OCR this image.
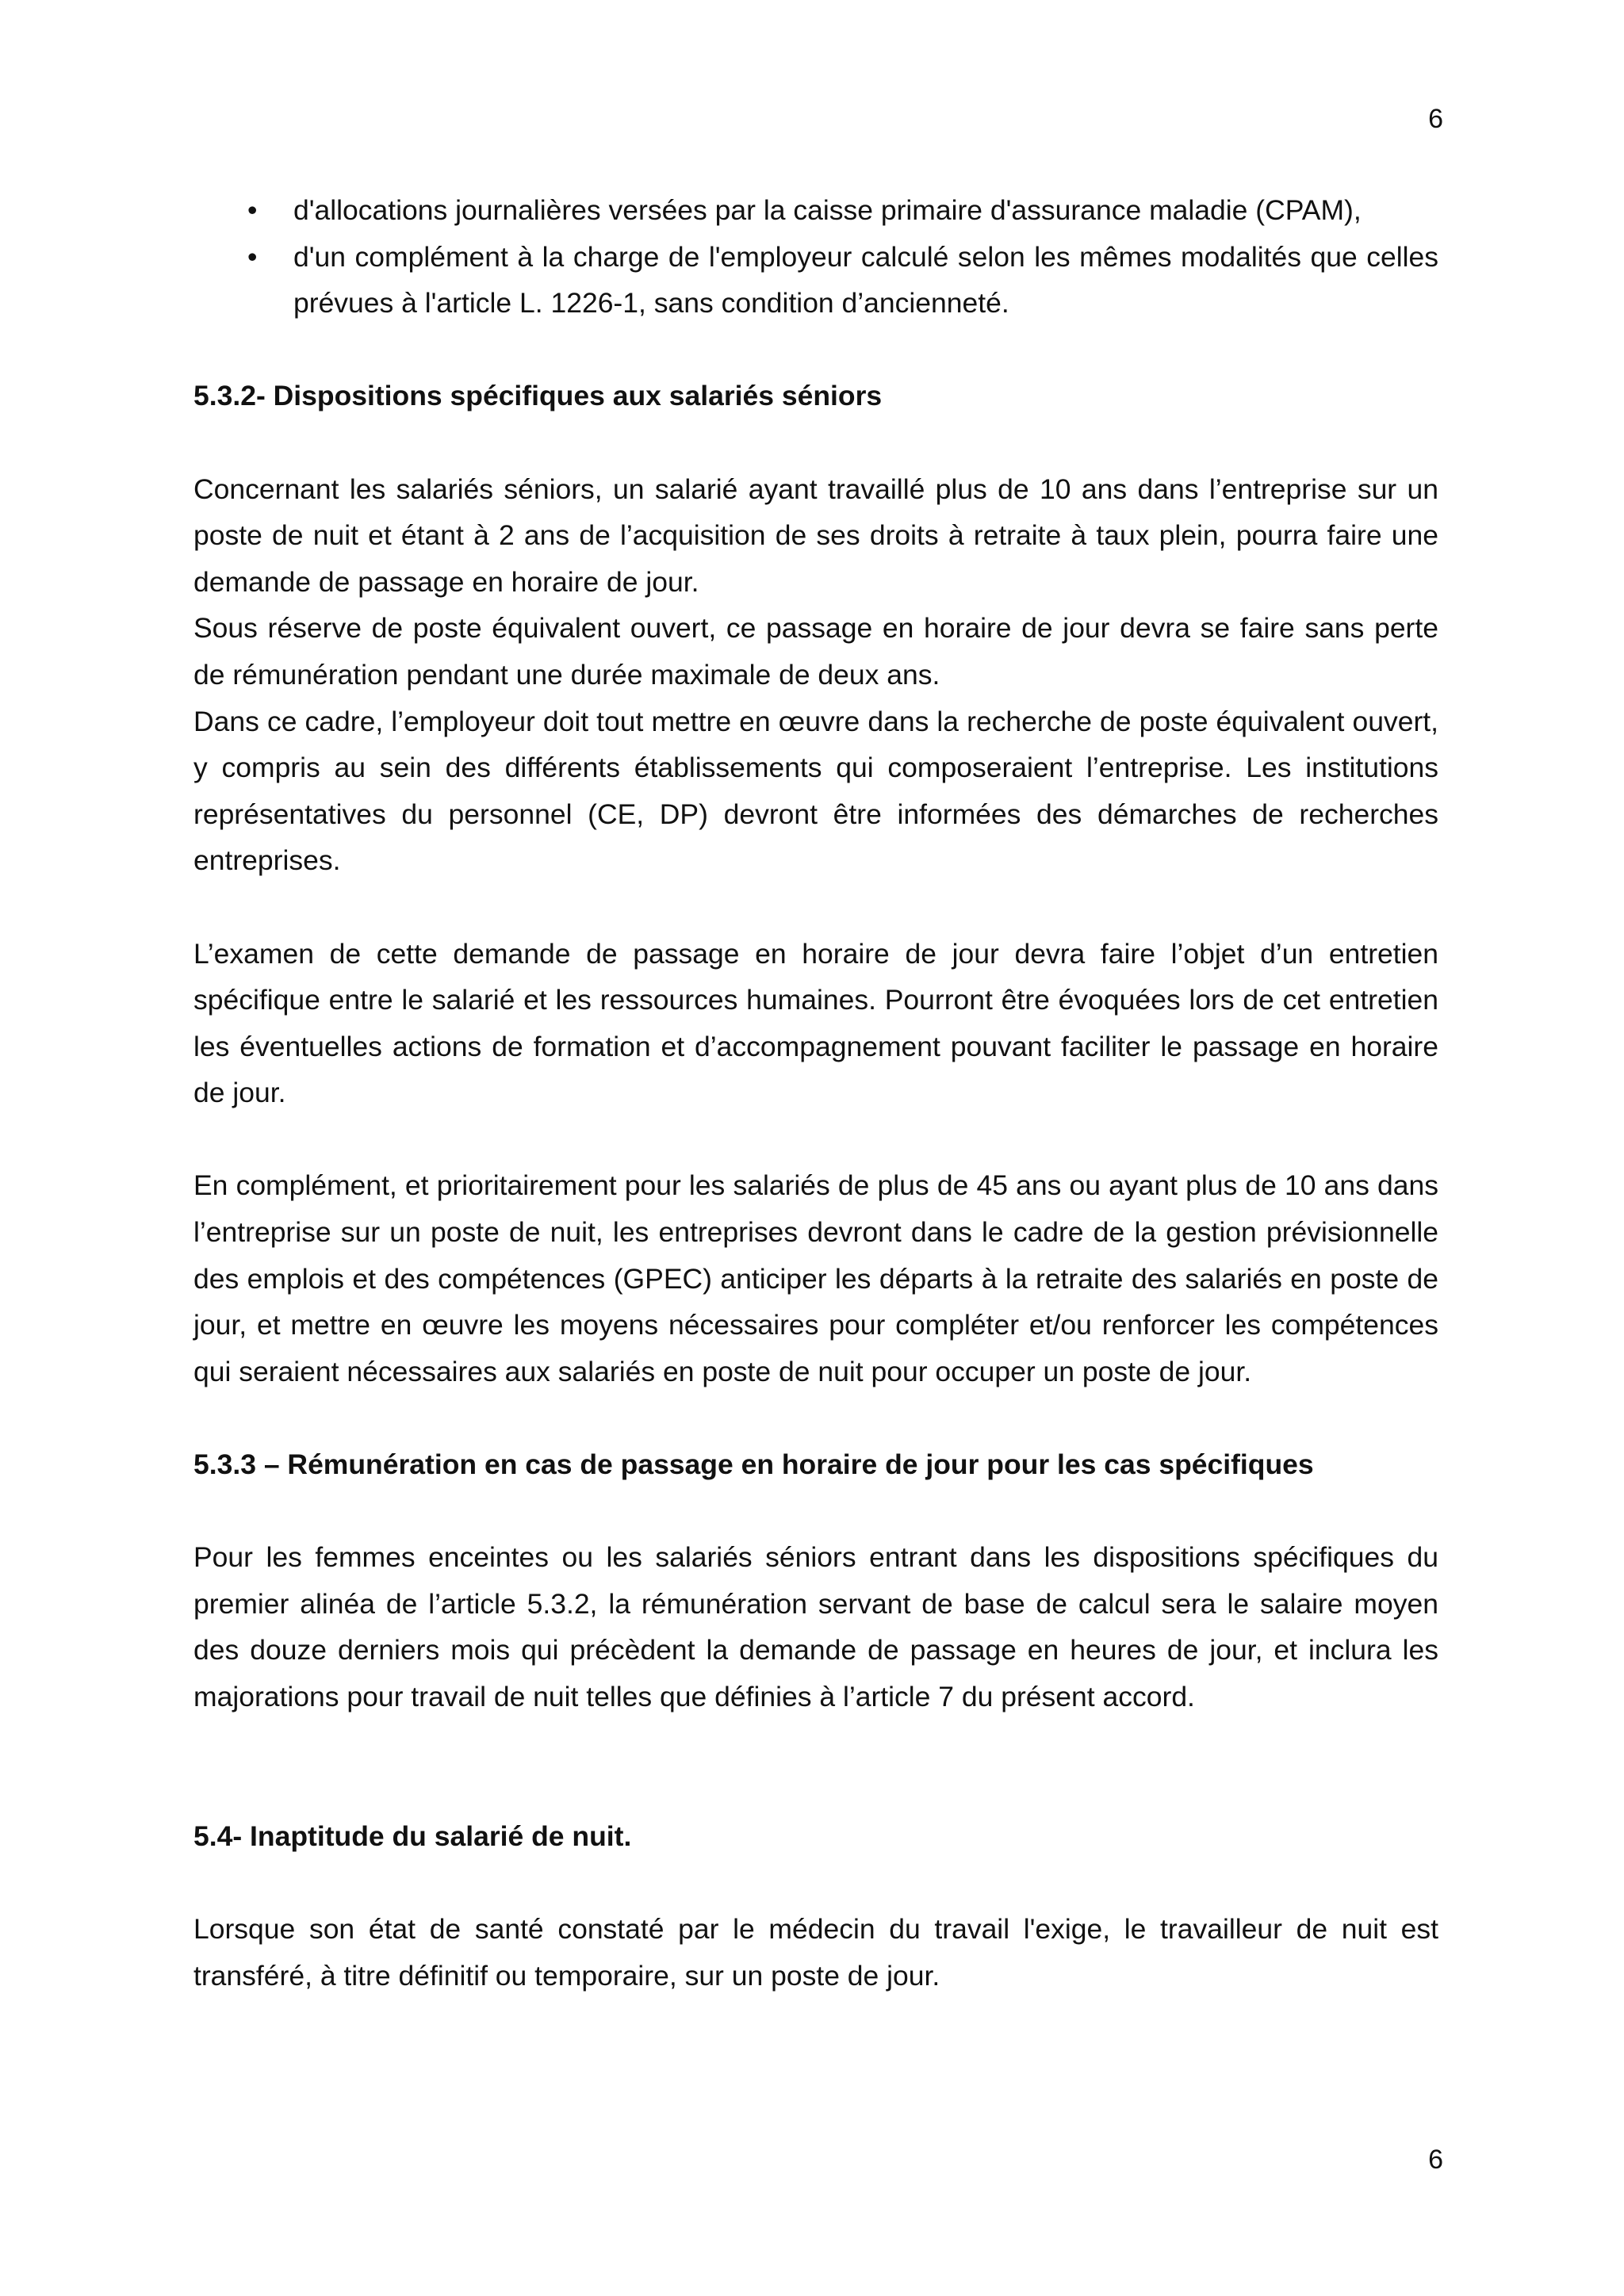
6
• d'allocations journalières versées par la caisse primaire d'assurance maladie (CPAM),
• d'un complément à la charge de l'employeur calculé selon les mêmes modalités que celles prévues à l'article L. 1226-1, sans condition d’ancienneté.
5.3.2- Dispositions spécifiques aux salariés séniors

Concernant les salariés séniors, un salarié ayant travaillé plus de 10 ans dans l’entreprise sur un poste de nuit et étant à 2 ans de l’acquisition de ses droits à retraite à taux plein, pourra faire une demande de passage en horaire de jour.

Sous réserve de poste équivalent ouvert, ce passage en horaire de jour devra se faire sans perte de rémunération pendant une durée maximale de deux ans.

Dans ce cadre, l’employeur doit tout mettre en œuvre dans la recherche de poste équivalent ouvert, y compris au sein des différents établissements qui composeraient l’entreprise. Les institutions représentatives du personnel (CE, DP) devront être informées des démarches de recherches entreprises.

L’examen de cette demande de passage en horaire de jour devra faire l’objet d’un entretien spécifique entre le salarié et les ressources humaines. Pourront être évoquées lors de cet entretien les éventuelles actions de formation et d’accompagnement pouvant faciliter le passage en horaire de jour.

En complément, et prioritairement pour les salariés de plus de 45 ans ou ayant plus de 10 ans dans l’entreprise sur un poste de nuit, les entreprises devront dans le cadre de la gestion prévisionnelle des emplois et des compétences (GPEC) anticiper les départs à la retraite des salariés en poste de jour, et mettre en œuvre les moyens nécessaires pour compléter et/ou renforcer les compétences qui seraient nécessaires aux salariés en poste de nuit pour occuper un poste de jour.

5.3.3 – Rémunération en cas de passage en horaire de jour pour les cas spécifiques

Pour les femmes enceintes ou les salariés séniors entrant dans les dispositions spécifiques du premier alinéa de l’article 5.3.2, la rémunération servant de base de calcul sera le salaire moyen des douze derniers mois qui précèdent la demande de passage en heures de jour, et inclura les majorations pour travail de nuit telles que définies à l’article 7 du présent accord.

5.4- Inaptitude du salarié de nuit.

Lorsque son état de santé constaté par le médecin du travail l'exige, le travailleur de nuit est transféré, à titre définitif ou temporaire, sur un poste de jour.

6
